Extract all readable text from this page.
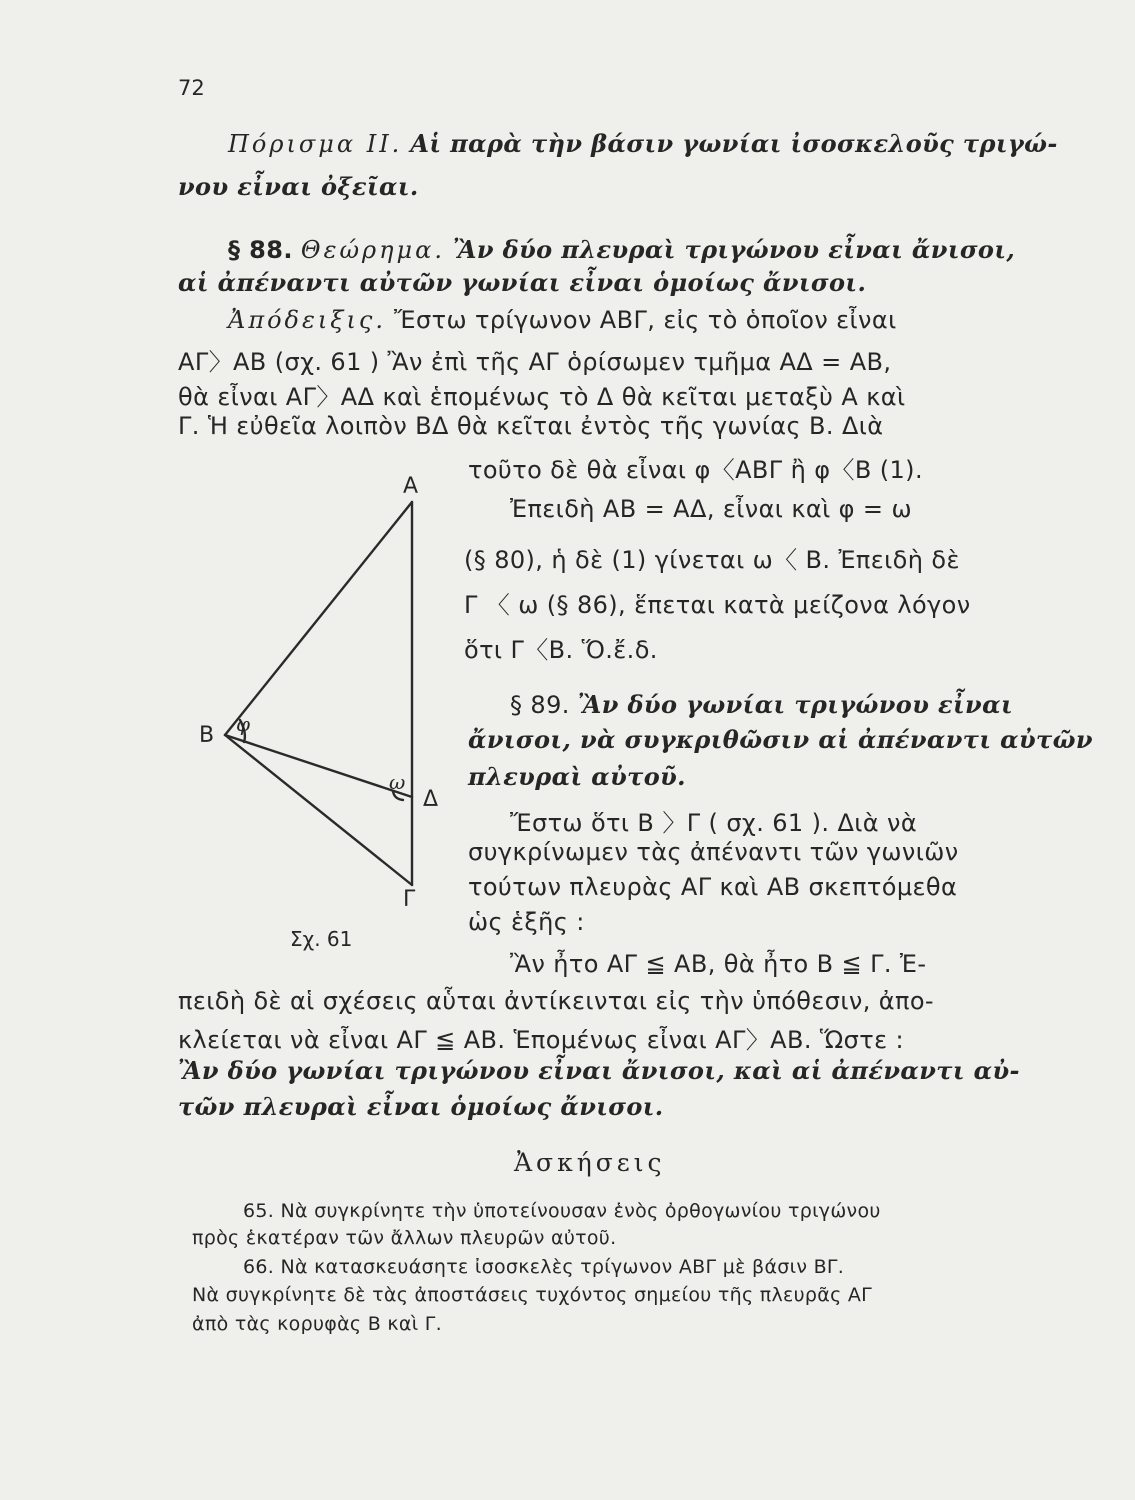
72
Πόρισμα ΙΙ. Αἱ παρὰ τὴν βάσιν γωνίαι ἰσοσκελοῦς τριγώ-
νου εἶναι ὀξεῖαι.
§ 88. Θεώρημα. Ἂν δύο πλευραὶ τριγώνου εἶναι ἄνισοι,
αἱ ἀπέναντι αὐτῶν γωνίαι εἶναι ὁμοίως ἄνισοι.
Ἀπόδειξις. Ἔστω τρίγωνον ΑΒΓ, εἰς τὸ ὁποῖον εἶναι
ΑΓ〉ΑΒ (σχ. 61 ) Ἂν ἐπὶ τῆς ΑΓ ὁρίσωμεν τμῆμα ΑΔ = ΑΒ,
θὰ εἶναι ΑΓ〉ΑΔ καὶ ἑπομένως τὸ Δ θὰ κεῖται μεταξὺ Α καὶ
Γ. Ἡ εὐθεῖα λοιπὸν ΒΔ θὰ κεῖται ἐντὸς τῆς γωνίας Β. Διὰ
τοῦτο δὲ θὰ εἶναι φ〈ΑΒΓ ἢ φ〈Β (1).
Ἐπειδὴ ΑΒ = ΑΔ, εἶναι καὶ φ = ω
(§ 80), ἡ δὲ (1) γίνεται ω〈 Β. Ἐπειδὴ δὲ
Γ 〈 ω (§ 86), ἕπεται κατὰ μείζονα λόγον
ὅτι Γ〈Β. Ὅ.ἔ.δ.
§ 89. Ἂν δύο γωνίαι τριγώνου εἶναι
ἄνισοι, νὰ συγκριθῶσιν αἱ ἀπέναντι αὐτῶν
πλευραὶ αὐτοῦ.
Ἔστω ὅτι Β 〉Γ ( σχ. 61 ). Διὰ νὰ
συγκρίνωμεν τὰς ἀπέναντι τῶν γωνιῶν
τούτων πλευρὰς ΑΓ καὶ ΑΒ σκεπτόμεθα
ὡς ἑξῆς :
Ἂν ἦτο ΑΓ ≦ ΑΒ, θὰ ἦτο Β ≦ Γ. Ἐ-
πειδὴ δὲ αἱ σχέσεις αὗται ἀντίκεινται εἰς τὴν ὑπόθεσιν, ἀπο-
κλείεται νὰ εἶναι ΑΓ ≦ ΑΒ. Ἑπομένως εἶναι ΑΓ〉ΑΒ. Ὥστε :
Ἂν δύο γωνίαι τριγώνου εἶναι ἄνισοι, καὶ αἱ ἀπέναντι αὐ-
τῶν πλευραὶ εἶναι ὁμοίως ἄνισοι.
Ἀσκήσεις
65. Νὰ συγκρίνητε τὴν ὑποτείνουσαν ἑνὸς ὀρθογωνίου τριγώνου
πρὸς ἑκατέραν τῶν ἄλλων πλευρῶν αὐτοῦ.
66. Νὰ κατασκευάσητε ἰσοσκελὲς τρίγωνον ΑΒΓ μὲ βάσιν ΒΓ.
Νὰ συγκρίνητε δὲ τὰς ἀποστάσεις τυχόντος σημείου τῆς πλευρᾶς ΑΓ
ἀπὸ τὰς κορυφὰς Β καὶ Γ.
Α
Β φ
ω
Δ
Γ
Σχ. 61
